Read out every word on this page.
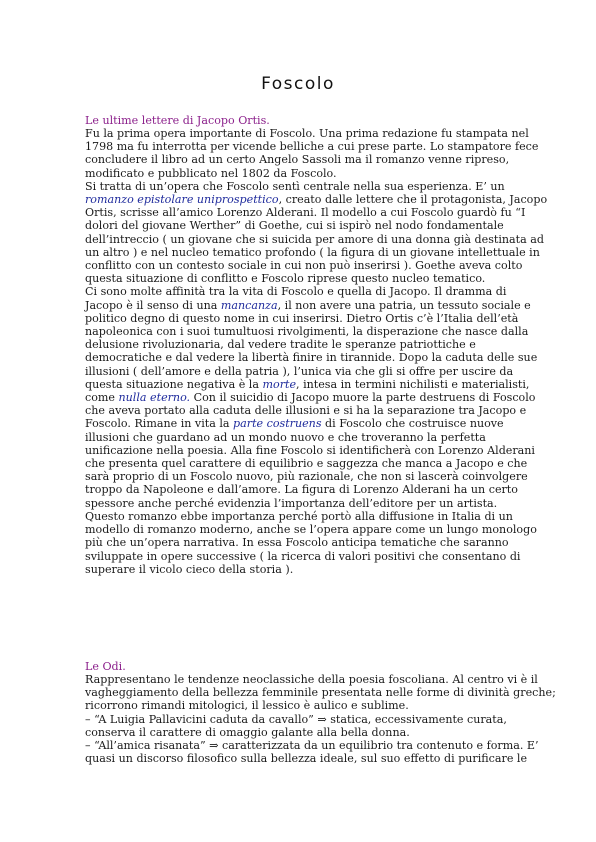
Foscolo
Le ultime lettere di Jacopo Ortis.
Fu la prima opera importante di Foscolo. Una prima redazione fu stampata nel
1798 ma fu interrotta per vicende belliche a cui prese parte. Lo stampatore fece
concludere il libro ad un certo Angelo Sassoli ma il romanzo venne ripreso,
modificato e pubblicato nel 1802 da Foscolo.
Si tratta di un’opera che Foscolo sentì centrale nella sua esperienza. E’ un
romanzo epistolare uniprospettico, creato dalle lettere che il protagonista, Jacopo
Ortis, scrisse all’amico Lorenzo Alderani. Il modello a cui Foscolo guardò fu “I
dolori del giovane Werther” di Goethe, cui si ispirò nel nodo fondamentale
dell’intreccio ( un giovane che si suicida per amore di una donna già destinata ad
un altro ) e nel nucleo tematico profondo ( la figura di un giovane intellettuale in
conflitto con un contesto sociale in cui non può inserirsi ). Goethe aveva colto
questa situazione di conflitto e Foscolo riprese questo nucleo tematico.
Ci sono molte affinità tra la vita di Foscolo e quella di Jacopo. Il dramma di
Jacopo è il senso di una mancanza, il non avere una patria, un tessuto sociale e
politico degno di questo nome in cui inserirsi. Dietro Ortis c’è l’Italia dell’età
napoleonica con i suoi tumultuosi rivolgimenti, la disperazione che nasce dalla
delusione rivoluzionaria, dal vedere tradite le speranze patriottiche e
democratiche e dal vedere la libertà finire in tirannide. Dopo la caduta delle sue
illusioni ( dell’amore e della patria ), l’unica via che gli si offre per uscire da
questa situazione negativa è la morte, intesa in termini nichilisti e materialisti,
come nulla eterno. Con il suicidio di Jacopo muore la parte destruens di Foscolo
che aveva portato alla caduta delle illusioni e si ha la separazione tra Jacopo e
Foscolo. Rimane in vita la parte costruens di Foscolo che costruisce nuove
illusioni che guardano ad un mondo nuovo e che troveranno la perfetta
unificazione nella poesia. Alla fine Foscolo si identificherà con Lorenzo Alderani
che presenta quel carattere di equilibrio e saggezza che manca a Jacopo e che
sarà proprio di un Foscolo nuovo, più razionale, che non si lascerà coinvolgere
troppo da Napoleone e dall’amore. La figura di Lorenzo Alderani ha un certo
spessore anche perché evidenzia l’importanza dell’editore per un artista.
Questo romanzo ebbe importanza perché portò alla diffusione in Italia di un
modello di romanzo moderno, anche se l’opera appare come un lungo monologo
più che un’opera narrativa. In essa Foscolo anticipa tematiche che saranno
sviluppate in opere successive ( la ricerca di valori positivi che consentano di
superare il vicolo cieco della storia ).
Le Odi.
Rappresentano le tendenze neoclassiche della poesia foscoliana. Al centro vi è il
vagheggiamento della bellezza femminile presentata nelle forme di divinità greche;
ricorrono rimandi mitologici, il lessico è aulico e sublime.
– “A Luigia Pallavicini caduta da cavallo” ⇒ statica, eccessivamente curata,
conserva il carattere di omaggio galante alla bella donna.
– “All’amica risanata” ⇒ caratterizzata da un equilibrio tra contenuto e forma. E’
quasi un discorso filosofico sulla bellezza ideale, sul suo effetto di purificare le
